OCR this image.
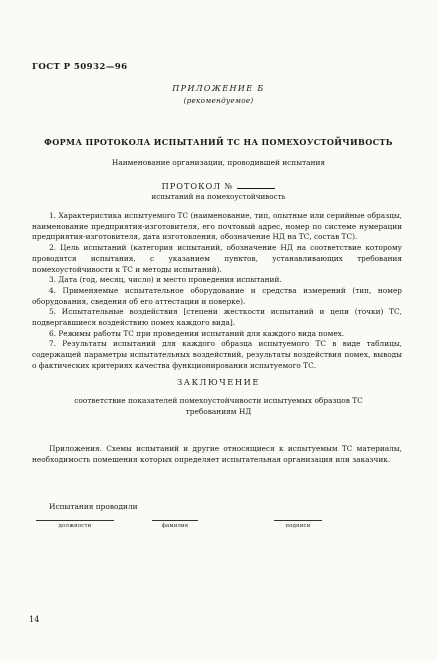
ГОСТ Р 50932—96
ПРИЛОЖЕНИЕ Б
(рекомендуемое)
ФОРМА ПРОТОКОЛА ИСПЫТАНИЙ ТС НА ПОМЕХОУСТОЙЧИВОСТЬ
Наименование организации, проводившей испытания
ПРОТОКОЛ №
испытаний на помехоустойчивость

1. Характеристика испытуемого ТС (наименование, тип, опытные или серийные образцы, наименование предприятия-изготовителя, его почтовый адрес, номер по системе нумерации предприятия-изготовителя, дата изготовления, обозначение НД на ТС, состав ТС).

2. Цель испытаний (категория испытаний, обозначение НД на соответствие которому проводятся испытания, с указанием пунктов, устанавливающих требования помехоустойчивости к ТС и методы испытаний).

3. Дата (год, месяц, число) и место проведения испытаний.

4. Применяемые испытательное оборудование и средства измерений (тип, номер оборудования, сведения об его аттестации и поверке).

5. Испытательные воздействия [степени жесткости испытаний и цепи (точки) ТС, подвергавшиеся воздействию помех каждого вида].

6. Режимы работы ТС при проведении испытаний для каждого вида помех.

7. Результаты испытаний для каждого образца испытуемого ТС в виде таблицы, содержащей параметры испытательных воздействий, результаты воздействия помех, выводы о фактических критериях качества функционирования испытуемого ТС.

ЗАКЛЮЧЕНИЕ
соответствие показателей помехоустойчивости испытуемых образцов ТС требованиям НД

Приложения. Схемы испытаний и другие относящиеся к испытуемым ТС материалы, необходимость помешения которых определяет испытательная организация или заказчик.

Испытания проводили
должности	фамилия	подписи
14
